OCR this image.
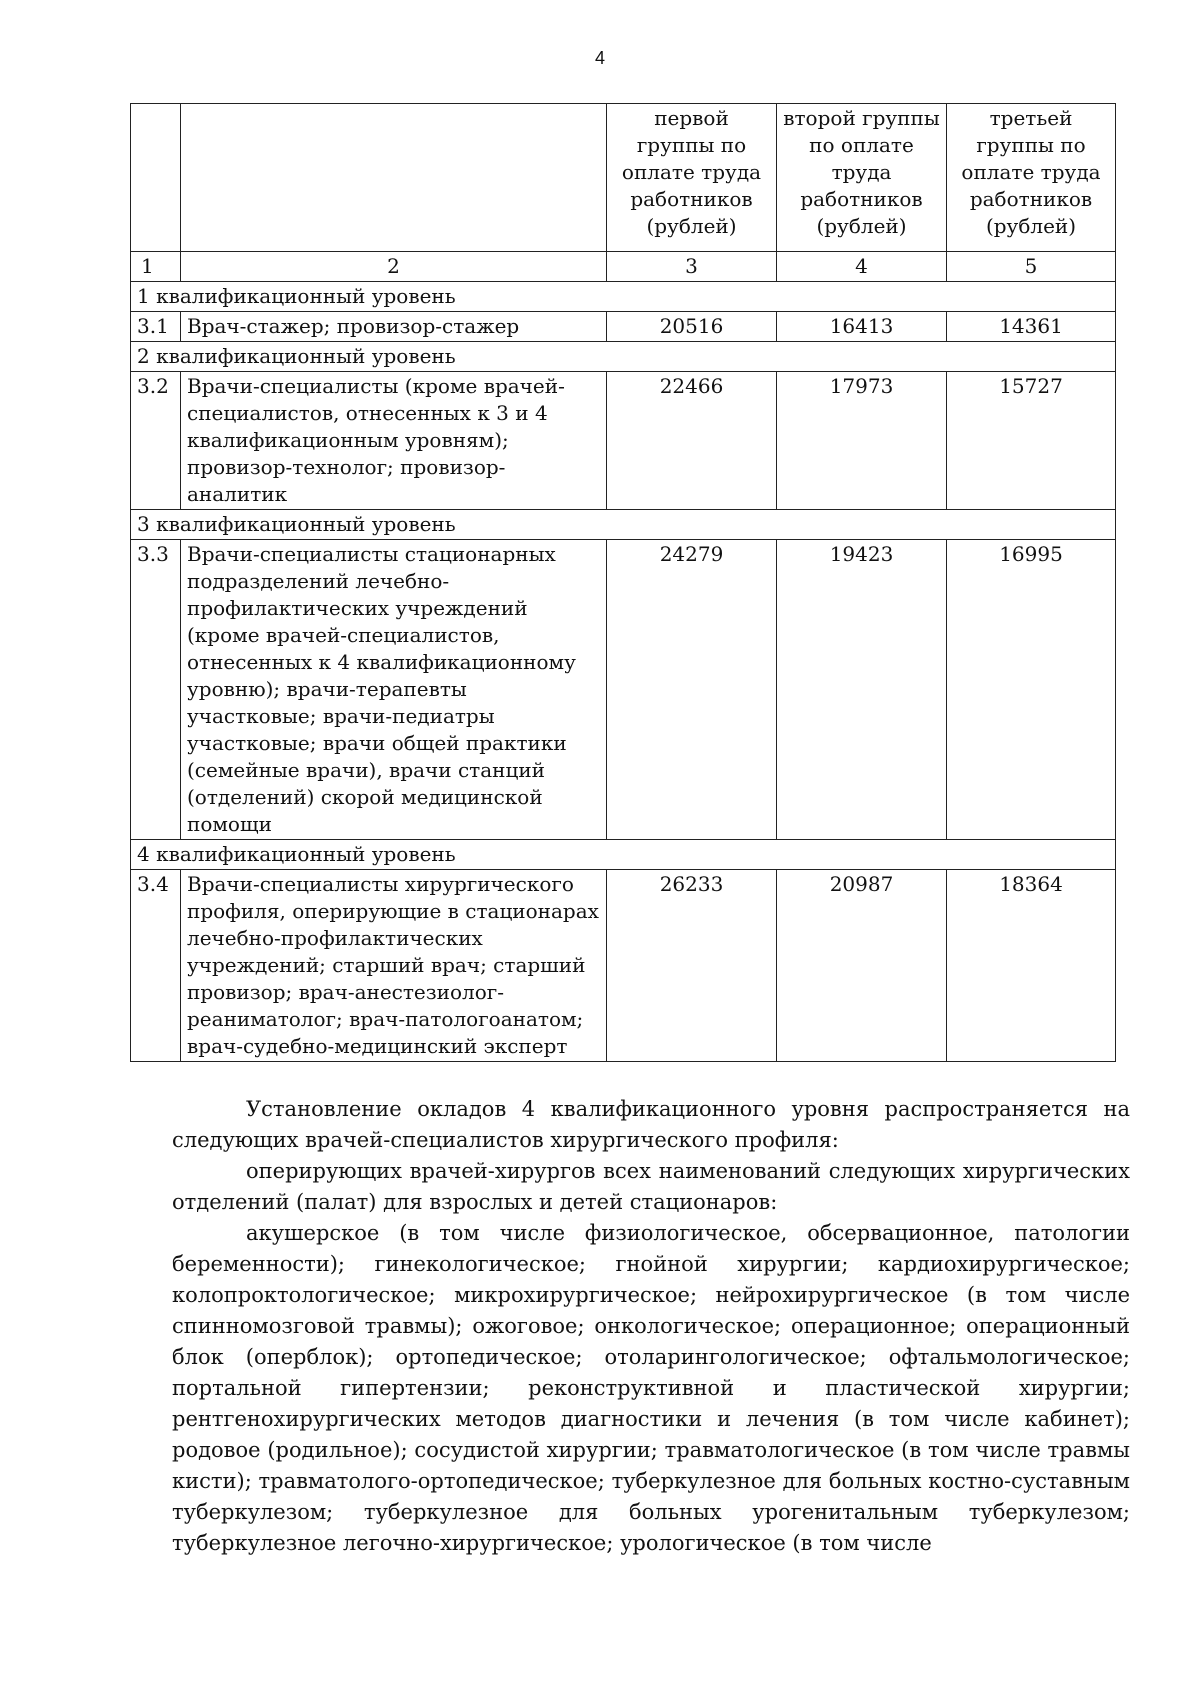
4
		первой группы по оплате труда работников (рублей)	второй группы по оплате труда работников (рублей)	третьей группы по оплате труда работников (рублей)
1	2	3	4	5
1 квалификационный уровень				
3.1	Врач-стажер; провизор-стажер	20516	16413	14361
2 квалификационный уровень				
3.2	Врачи-специалисты (кроме врачей-специалистов, отнесенных к 3 и 4 квалификационным уровням); провизор-технолог; провизор-аналитик	22466	17973	15727
3 квалификационный уровень				
3.3	Врачи-специалисты стационарных подразделений лечебно-профилактических учреждений (кроме врачей-специалистов, отнесенных к 4 квалификационному уровню); врачи-терапевты участковые; врачи-педиатры участковые; врачи общей практики (семейные врачи), врачи станций (отделений) скорой медицинской помощи	24279	19423	16995
4 квалификационный уровень				
3.4	Врачи-специалисты хирургического профиля, оперирующие в стационарах лечебно-профилактических учреждений; старший врач; старший провизор; врач-анестезиолог-реаниматолог; врач-патологоанатом; врач-судебно-медицинский эксперт	26233	20987	18364

Установление окладов 4 квалификационного уровня распространяется на следующих врачей-специалистов хирургического профиля:

оперирующих врачей-хирургов всех наименований следующих хирургических отделений (палат) для взрослых и детей стационаров:

акушерское (в том числе физиологическое, обсервационное, патологии беременности); гинекологическое; гнойной хирургии; кардиохирургическое; колопроктологическое; микрохирургическое; нейрохирургическое (в том числе спинномозговой травмы); ожоговое; онкологическое; операционное; операционный блок (оперблок); ортопедическое; отоларингологическое; офтальмологическое; портальной гипертензии; реконструктивной и пластической хирургии; рентгенохирургических методов диагностики и лечения (в том числе кабинет); родовое (родильное); сосудистой хирургии; травматологическое (в том числе травмы кисти); травматолого-ортопедическое; туберкулезное для больных костно-суставным туберкулезом; туберкулезное для больных урогенитальным туберкулезом; туберкулезное легочно-хирургическое; урологическое (в том числе
